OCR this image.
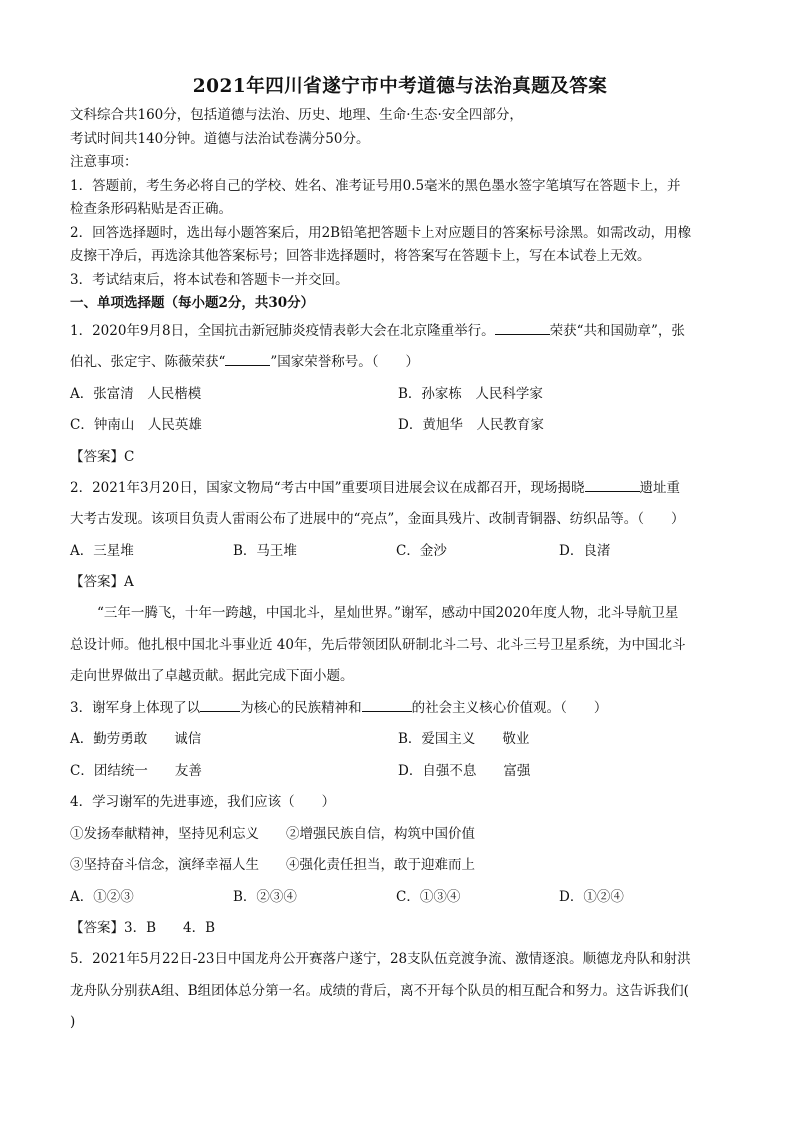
2021年四川省遂宁市中考道德与法治真题及答案
文科综合共160分，包括道德与法治、历史、地理、生命·生态·安全四部分，
考试时间共140分钟。道德与法治试卷满分50分。
注意事项：
1．答题前，考生务必将自己的学校、姓名、准考证号用0.5毫米的黑色墨水签字笔填写在答题卡上，并
检查条形码粘贴是否正确。
2．回答选择题时，选出每小题答案后，用2B铅笔把答题卡上对应题目的答案标号涂黑。如需改动，用橡
皮擦干净后，再选涂其他答案标号；回答非选择题时，将答案写在答题卡上，写在本试卷上无效。
3．考试结束后，将本试卷和答题卡一并交回。
一、单项选择题（每小题2分，共30分）
1．2020年9月8日，全国抗击新冠肺炎疫情表彰大会在北京隆重举行。	荣获“共和国勋章”，张
伯礼、张定宇、陈薇荣获“	”国家荣誉称号。（　　）
A．张富清　人民楷模	B．孙家栋　人民科学家
C．钟南山　人民英雄	D．黄旭华　人民教育家
【答案】C
2．2021年3月20日，国家文物局“考古中国”重要项目进展会议在成都召开，现场揭晓	遗址重
大考古发现。该项目负责人雷雨公布了进展中的“亮点”，金面具残片、改制青铜器、纺织品等。（　　）
A．三星堆	B．马王堆	C．金沙	D．良渚
【答案】A
“三年一腾飞，十年一跨越，中国北斗，星灿世界。”谢军，感动中国2020年度人物，北斗导航卫星
总设计师。他扎根中国北斗事业近 40年，先后带领团队研制北斗二号、北斗三号卫星系统，为中国北斗
走向世界做出了卓越贡献。据此完成下面小题。
3．谢军身上体现了以	为核心的民族精神和	的社会主义核心价值观。（　　）
A．勤劳勇敢　　诚信	B．爱国主义　　敬业
C．团结统一　　友善	D．自强不息　　富强
4．学习谢军的先进事迹，我们应该（　　）
①发扬奉献精神，坚持见利忘义　　②增强民族自信，构筑中国价值
③坚持奋斗信念，演绎幸福人生　　④强化责任担当，敢于迎难而上
A．①②③	B．②③④	C．①③④	D．①②④
【答案】3．B　　4．B
5．2021年5月22日-23日中国龙舟公开赛落户遂宁，28支队伍竞渡争流、激情逐浪。顺德龙舟队和射洪
龙舟队分别获A组、B组团体总分第一名。成绩的背后，离不开每个队员的相互配合和努力。这告诉我们(
)
